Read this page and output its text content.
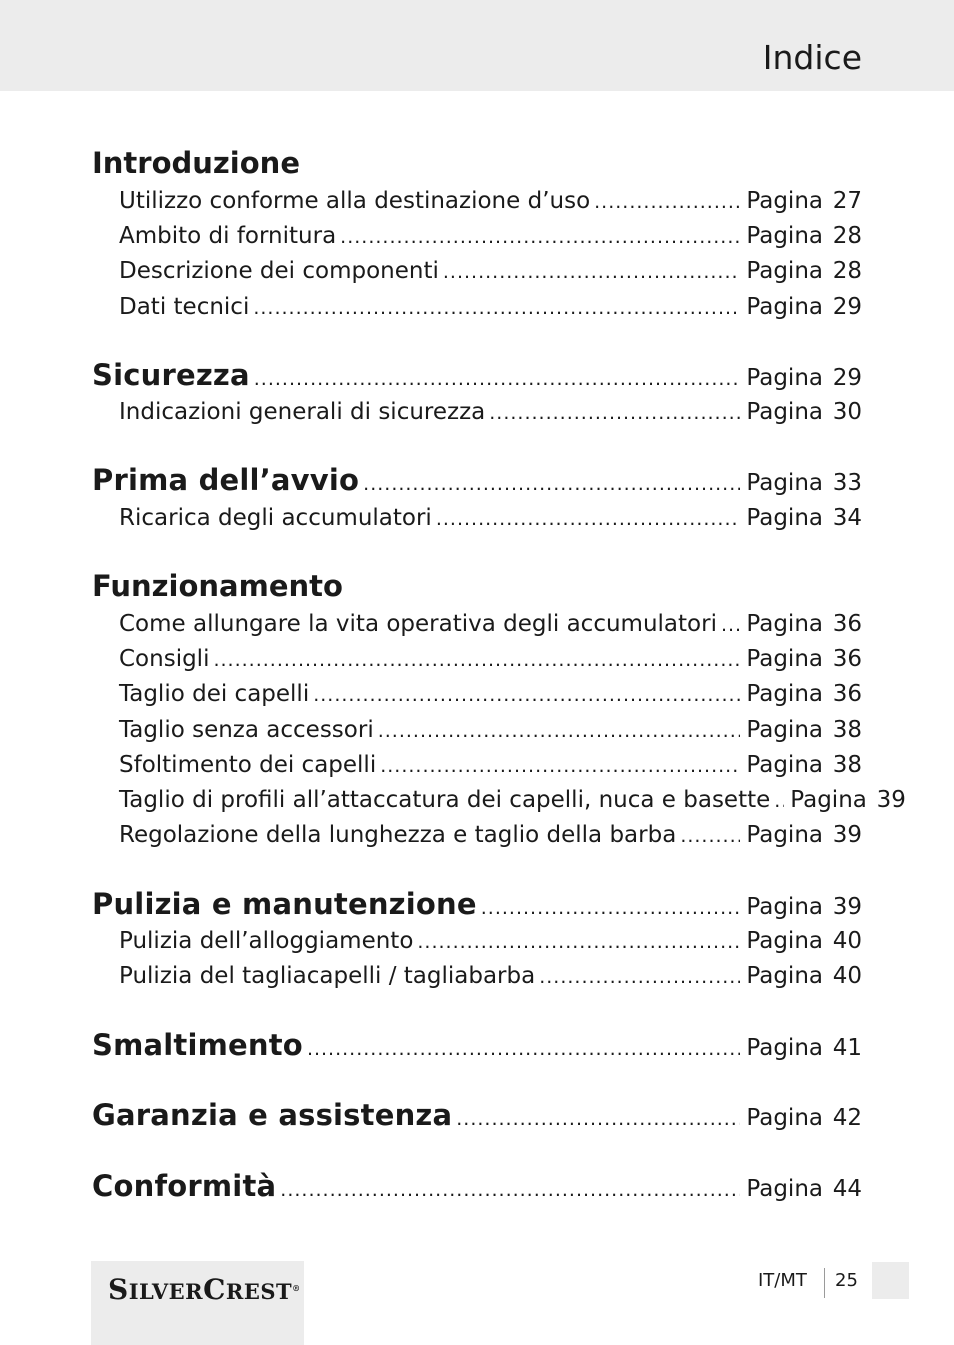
Indice
Introduzione
Utilizzo conforme alla destinazione d’uso .....	Pagina 27
Ambito di fornitura .....	Pagina 28
Descrizione dei componenti .....	Pagina 28
Dati tecnici .....	Pagina 29
Sicurezza .....	Pagina 29
Indicazioni generali di sicurezza .....	Pagina 30
Prima dell’avvio .....	Pagina 33
Ricarica degli accumulatori .....	Pagina 34
Funzionamento
Come allungare la vita operativa degli accumulatori ..... Pagina 36
Consigli .....	Pagina 36
Taglio dei capelli .....	Pagina 36
Taglio senza accessori .....	Pagina 38
Sfoltimento dei capelli .....	Pagina 38
Taglio di profili all’attaccatura dei capelli, nuca e basette ..... Pagina 39
Regolazione della lunghezza e taglio della barba .....	Pagina 39
Pulizia e manutenzione .....	Pagina 39
Pulizia dell’alloggiamento .....	Pagina 40
Pulizia del tagliacapelli / tagliabarba .....	Pagina 40
Smaltimento .....	Pagina 41
Garanzia e assistenza .....	Pagina 42
Conformità .....	Pagina 44
SILVERCREST®	IT/MT 25
